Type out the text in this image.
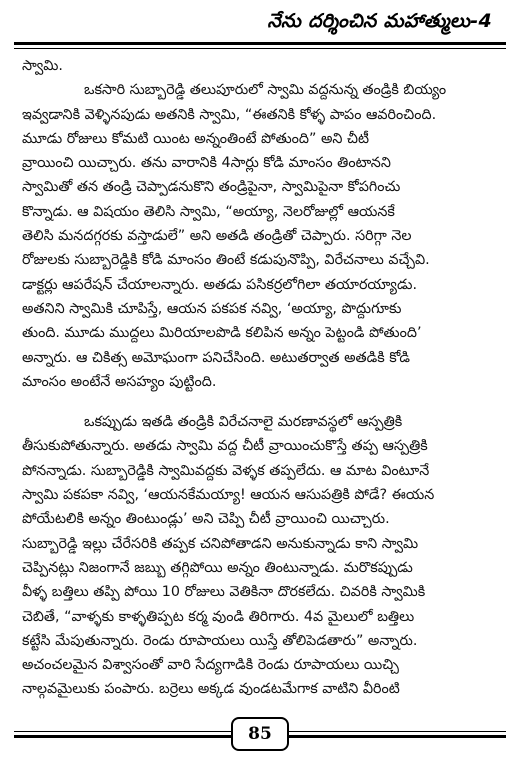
నేను దర్శించిన మహాత్ములు-4

స్వామి.

ఒకసారి సుబ్బారెడ్డి తలుపూరులో స్వామి వద్దనున్న తండ్రికి బియ్యం
ఇవ్వడానికి వెళ్ళినపుడు అతనికి స్వామి, “ఈతనికి కోళ్ళ పాపం ఆవరించింది.
మూడు రోజులు కోమటి యింట అన్నంతింటే పోతుంది” అని చీటీ
వ్రాయించి యిచ్చారు. తను వారానికి 4సార్లు కోడి మాంసం తింటానని
స్వామితో తన తండ్రి చెప్పాడనుకొని తండ్రిపైనా, స్వామిపైనా కోపగించు
కొన్నాడు. ఆ విషయం తెలిసి స్వామి, “అయ్యా, నెలరోజుల్లో ఆయనకే
తెలిసి మనదగ్గరకు వస్తాడులే” అని అతడి తండ్రితో చెప్పారు. సరిగ్గా నెల
రోజులకు సుబ్బారెడ్డికి కోడి మాంసం తింటే కడుపునొప్పి, విరేచనాలు వచ్చేవి.
డాక్టర్లు ఆపరేషన్ చేయాలన్నారు. అతడు పసికర్రలోగిలా తయారయ్యాడు.
అతనిని స్వామికి చూపిస్తే, ఆయన పకపక నవ్వి, ‘అయ్యా, పొద్దుగూకు
తుంది. మూడు ముద్దలు మిరియాలపొడి కలిపిన అన్నం పెట్టండి పోతుంది’
అన్నారు. ఆ చికిత్స అమోఘంగా పనిచేసింది. అటుతర్వాత అతడికి కోడి
మాంసం అంటేనే అసహ్యం పుట్టింది.

ఒకప్పుడు ఇతడి తండ్రికి విరేచనాలై మరణావస్థలో ఆస్పత్రికి
తీసుకుపోతున్నారు. అతడు స్వామి వద్ద చీటీ వ్రాయించుకొస్తే తప్ప ఆస్పత్రికి
పోనన్నాడు. సుబ్బారెడ్డికి స్వామివద్దకు వెళ్ళక తప్పలేదు. ఆ మాట వింటూనే
స్వామి పకపకా నవ్వి, ‘ఆయనకేమయ్యా! ఆయన ఆసుపత్రికి పోడే? ఈయన
పోయేటలికి అన్నం తింటుండ్లు’ అని చెప్పి చీటీ వ్రాయించి యిచ్చారు.
సుబ్బారెడ్డి ఇల్లు చేరేసరికి తప్పక చనిపోతాడని అనుకున్నాడు కాని స్వామి
చెప్పినట్లు నిజంగానే జబ్బు తగ్గిపోయి అన్నం తింటున్నాడు. మరొకప్పుడు
వీళ్ళ బత్తిలు తప్పి పోయి 10 రోజులు వెతికినా దొరకలేదు. చివరికి స్వామికి
చెబితే, “వాళ్ళకు కాళ్ళతిప్పట కర్మ వుండి తిరిగారు. 4వ మైలులో బత్తిలు
కట్టేసి మేపుతున్నారు. రెండు రూపాయలు యిస్తే తోలిపెడతారు” అన్నారు.
అచంచలమైన విశ్వాసంతో వారి సేద్యగాడికి రెండు రూపాయలు యిచ్చి
నాల్గవమైలుకు పంపారు. బర్రెలు అక్కడ వుండటమేగాక వాటిని వీరింటి

85
